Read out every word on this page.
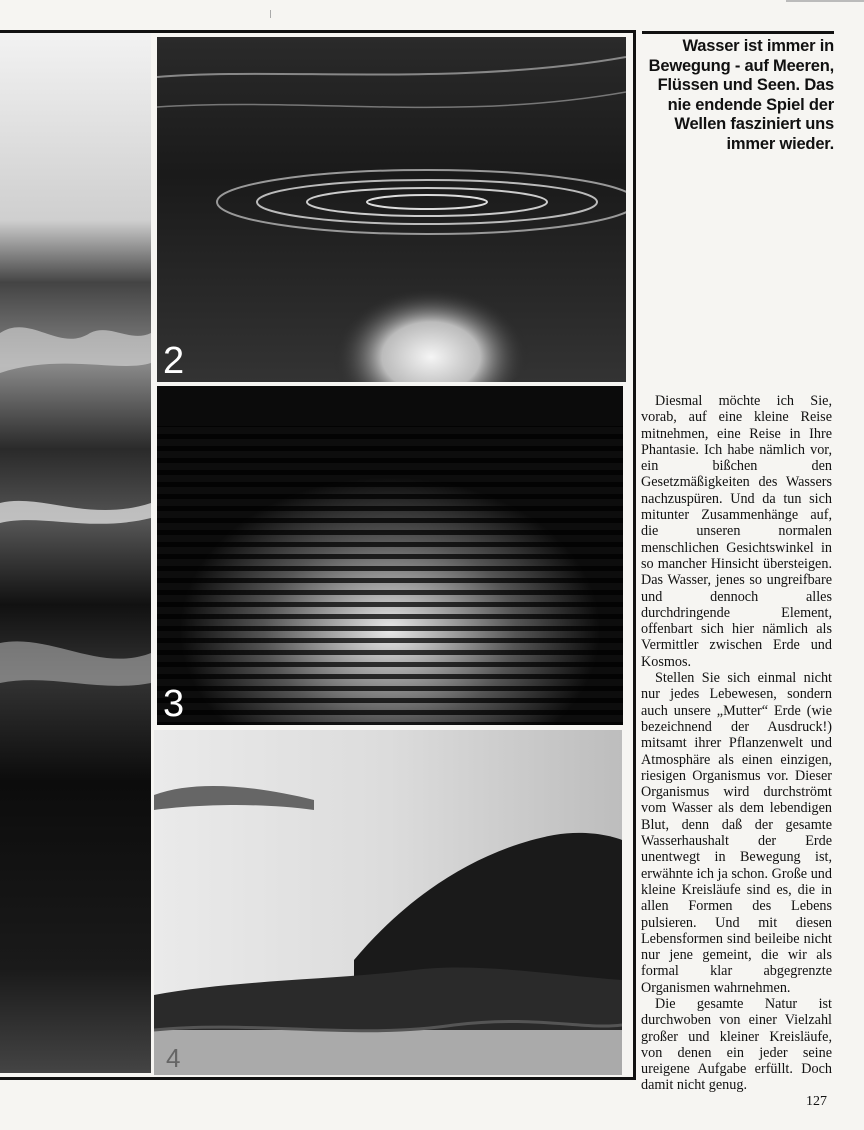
2
3
4
Wasser ist immer in Bewegung - auf Meeren, Flüssen und Seen. Das nie endende Spiel der Wellen fasziniert uns immer wieder.

Diesmal möchte ich Sie, vorab, auf eine kleine Reise mitnehmen, eine Reise in Ihre Phantasie. Ich habe nämlich vor, ein bißchen den Gesetzmäßigkeiten des Wassers nachzuspüren. Und da tun sich mitunter Zusammenhänge auf, die unseren normalen menschlichen Gesichtswinkel in so mancher Hinsicht übersteigen. Das Wasser, jenes so ungreifbare und dennoch alles durchdringende Element, offenbart sich hier nämlich als Vermittler zwischen Erde und Kosmos.

Stellen Sie sich einmal nicht nur jedes Lebewesen, sondern auch unsere „Mutter“ Erde (wie bezeichnend der Ausdruck!) mitsamt ihrer Pflanzenwelt und Atmosphäre als einen einzigen, riesigen Organismus vor. Dieser Organismus wird durchströmt vom Wasser als dem lebendigen Blut, denn daß der gesamte Wasserhaushalt der Erde unentwegt in Bewegung ist, erwähnte ich ja schon. Große und kleine Kreisläufe sind es, die in allen Formen des Lebens pulsieren. Und mit diesen Lebensformen sind beileibe nicht nur jene gemeint, die wir als formal klar abgegrenzte Organismen wahrnehmen.

Die gesamte Natur ist durchwoben von einer Vielzahl großer und kleiner Kreisläufe, von denen ein jeder seine ureigene Aufgabe erfüllt. Doch damit nicht genug.

127
